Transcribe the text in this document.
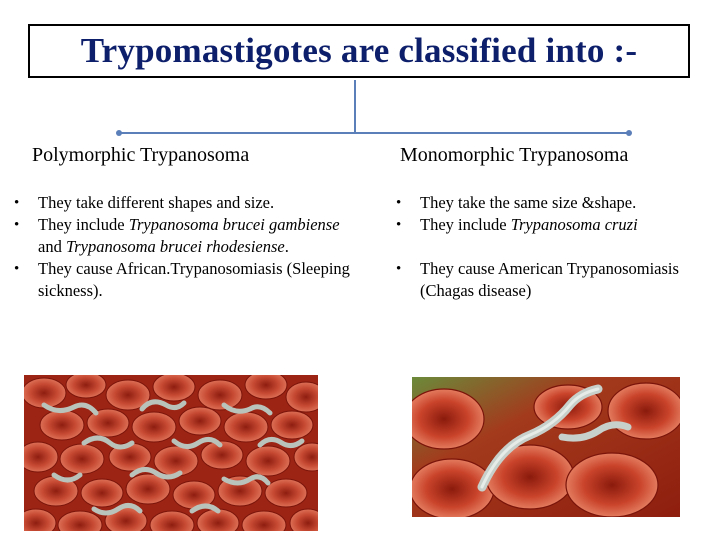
Trypomastigotes are classified into :-
Polymorphic Trypanosoma	Monomorphic Trypanosoma
• They take different shapes and size.
• They include Trypanosoma brucei gambiense and Trypanosoma brucei rhodesiense.
• They cause African.Trypanosomiasis (Sleeping sickness).
• They take the same size &shape.
• They include Trypanosoma cruzi
• They cause American Trypanosomiasis (Chagas disease)
